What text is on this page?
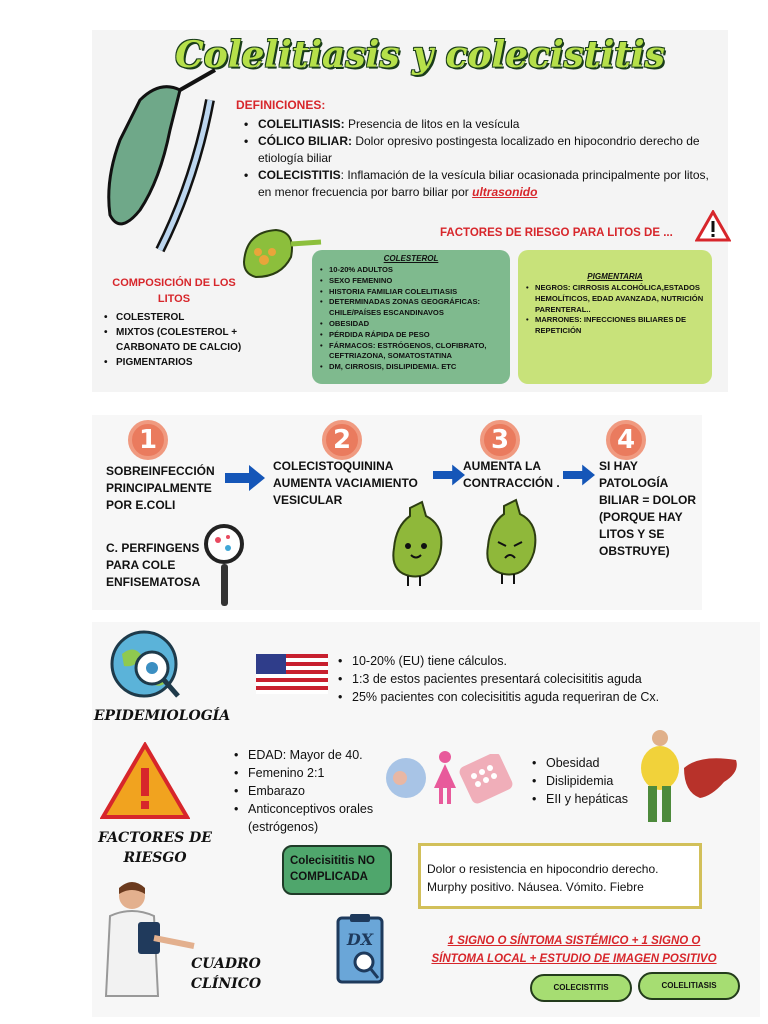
Colelitiasis y colecistitis
DEFINICIONES:
• COLELITIASIS: Presencia de litos en la vesícula
• CÓLICO BILIAR: Dolor opresivo postingesta localizado en hipocondrio derecho de etiología biliar
• COLECISTITIS: Inflamación de la vesícula biliar ocasionada principalmente por litos, en menor frecuencia por barro biliar por ultrasonido
FACTORES DE RIESGO PARA LITOS DE ...
COMPOSICIÓN DE LOS LITOS
• COLESTEROL
• MIXTOS (COLESTEROL + CARBONATO DE CALCIO)
• PIGMENTARIOS
COLESTEROL
• 10-20% ADULTOS
• SEXO FEMENINO
• HISTORIA FAMILIAR COLELITIASIS
• DETERMINADAS ZONAS GEOGRÁFICAS: CHILE/PAÍSES ESCANDINAVOS
• OBESIDAD
• PÉRDIDA RÁPIDA DE PESO
• FÁRMACOS: ESTRÓGENOS, CLOFIBRATO, CEFTRIAZONA, SOMATOSTATINA
• DM, CIRROSIS, DISLIPIDEMIA. ETC
PIGMENTARIA
• NEGROS: CIRROSIS ALCOHÓLICA,ESTADOS HEMOLÍTICOS, EDAD AVANZADA, NUTRICIÓN PARENTERAL..
• MARRONES: INFECCIONES BILIARES DE REPETICIÓN
1	2	3	4
SOBREINFECCIÓN PRINCIPALMENTE POR E.COLI
COLECISTOQUININA AUMENTA VACIAMIENTO VESICULAR
AUMENTA LA CONTRACCIÓN .
SI HAY PATOLOGÍA BILIAR = DOLOR (PORQUE HAY LITOS Y SE OBSTRUYE)
C. PERFINGENS PARA COLE ENFISEMATOSA
EPIDEMIOLOGÍA
• 10-20% (EU) tiene cálculos.
• 1:3 de estos pacientes presentará colecisititis aguda
• 25% pacientes con colecisititis aguda requeriran de Cx.
FACTORES DE RIESGO
• EDAD: Mayor de 40.
• Femenino 2:1
• Embarazo
• Anticonceptivos orales (estrógenos)
• Obesidad
• Dislipidemia
• EII y hepáticas
CUADRO CLÍNICO
Colecisititis NO COMPLICADA
Dolor o resistencia en hipocondrio derecho. Murphy positivo. Náusea. Vómito. Fiebre
DX	1 SIGNO O SÍNTOMA SISTÉMICO + 1 SIGNO O SÍNTOMA LOCAL + ESTUDIO DE IMAGEN POSITIVO
COLECISTITIS	COLELITIASIS
